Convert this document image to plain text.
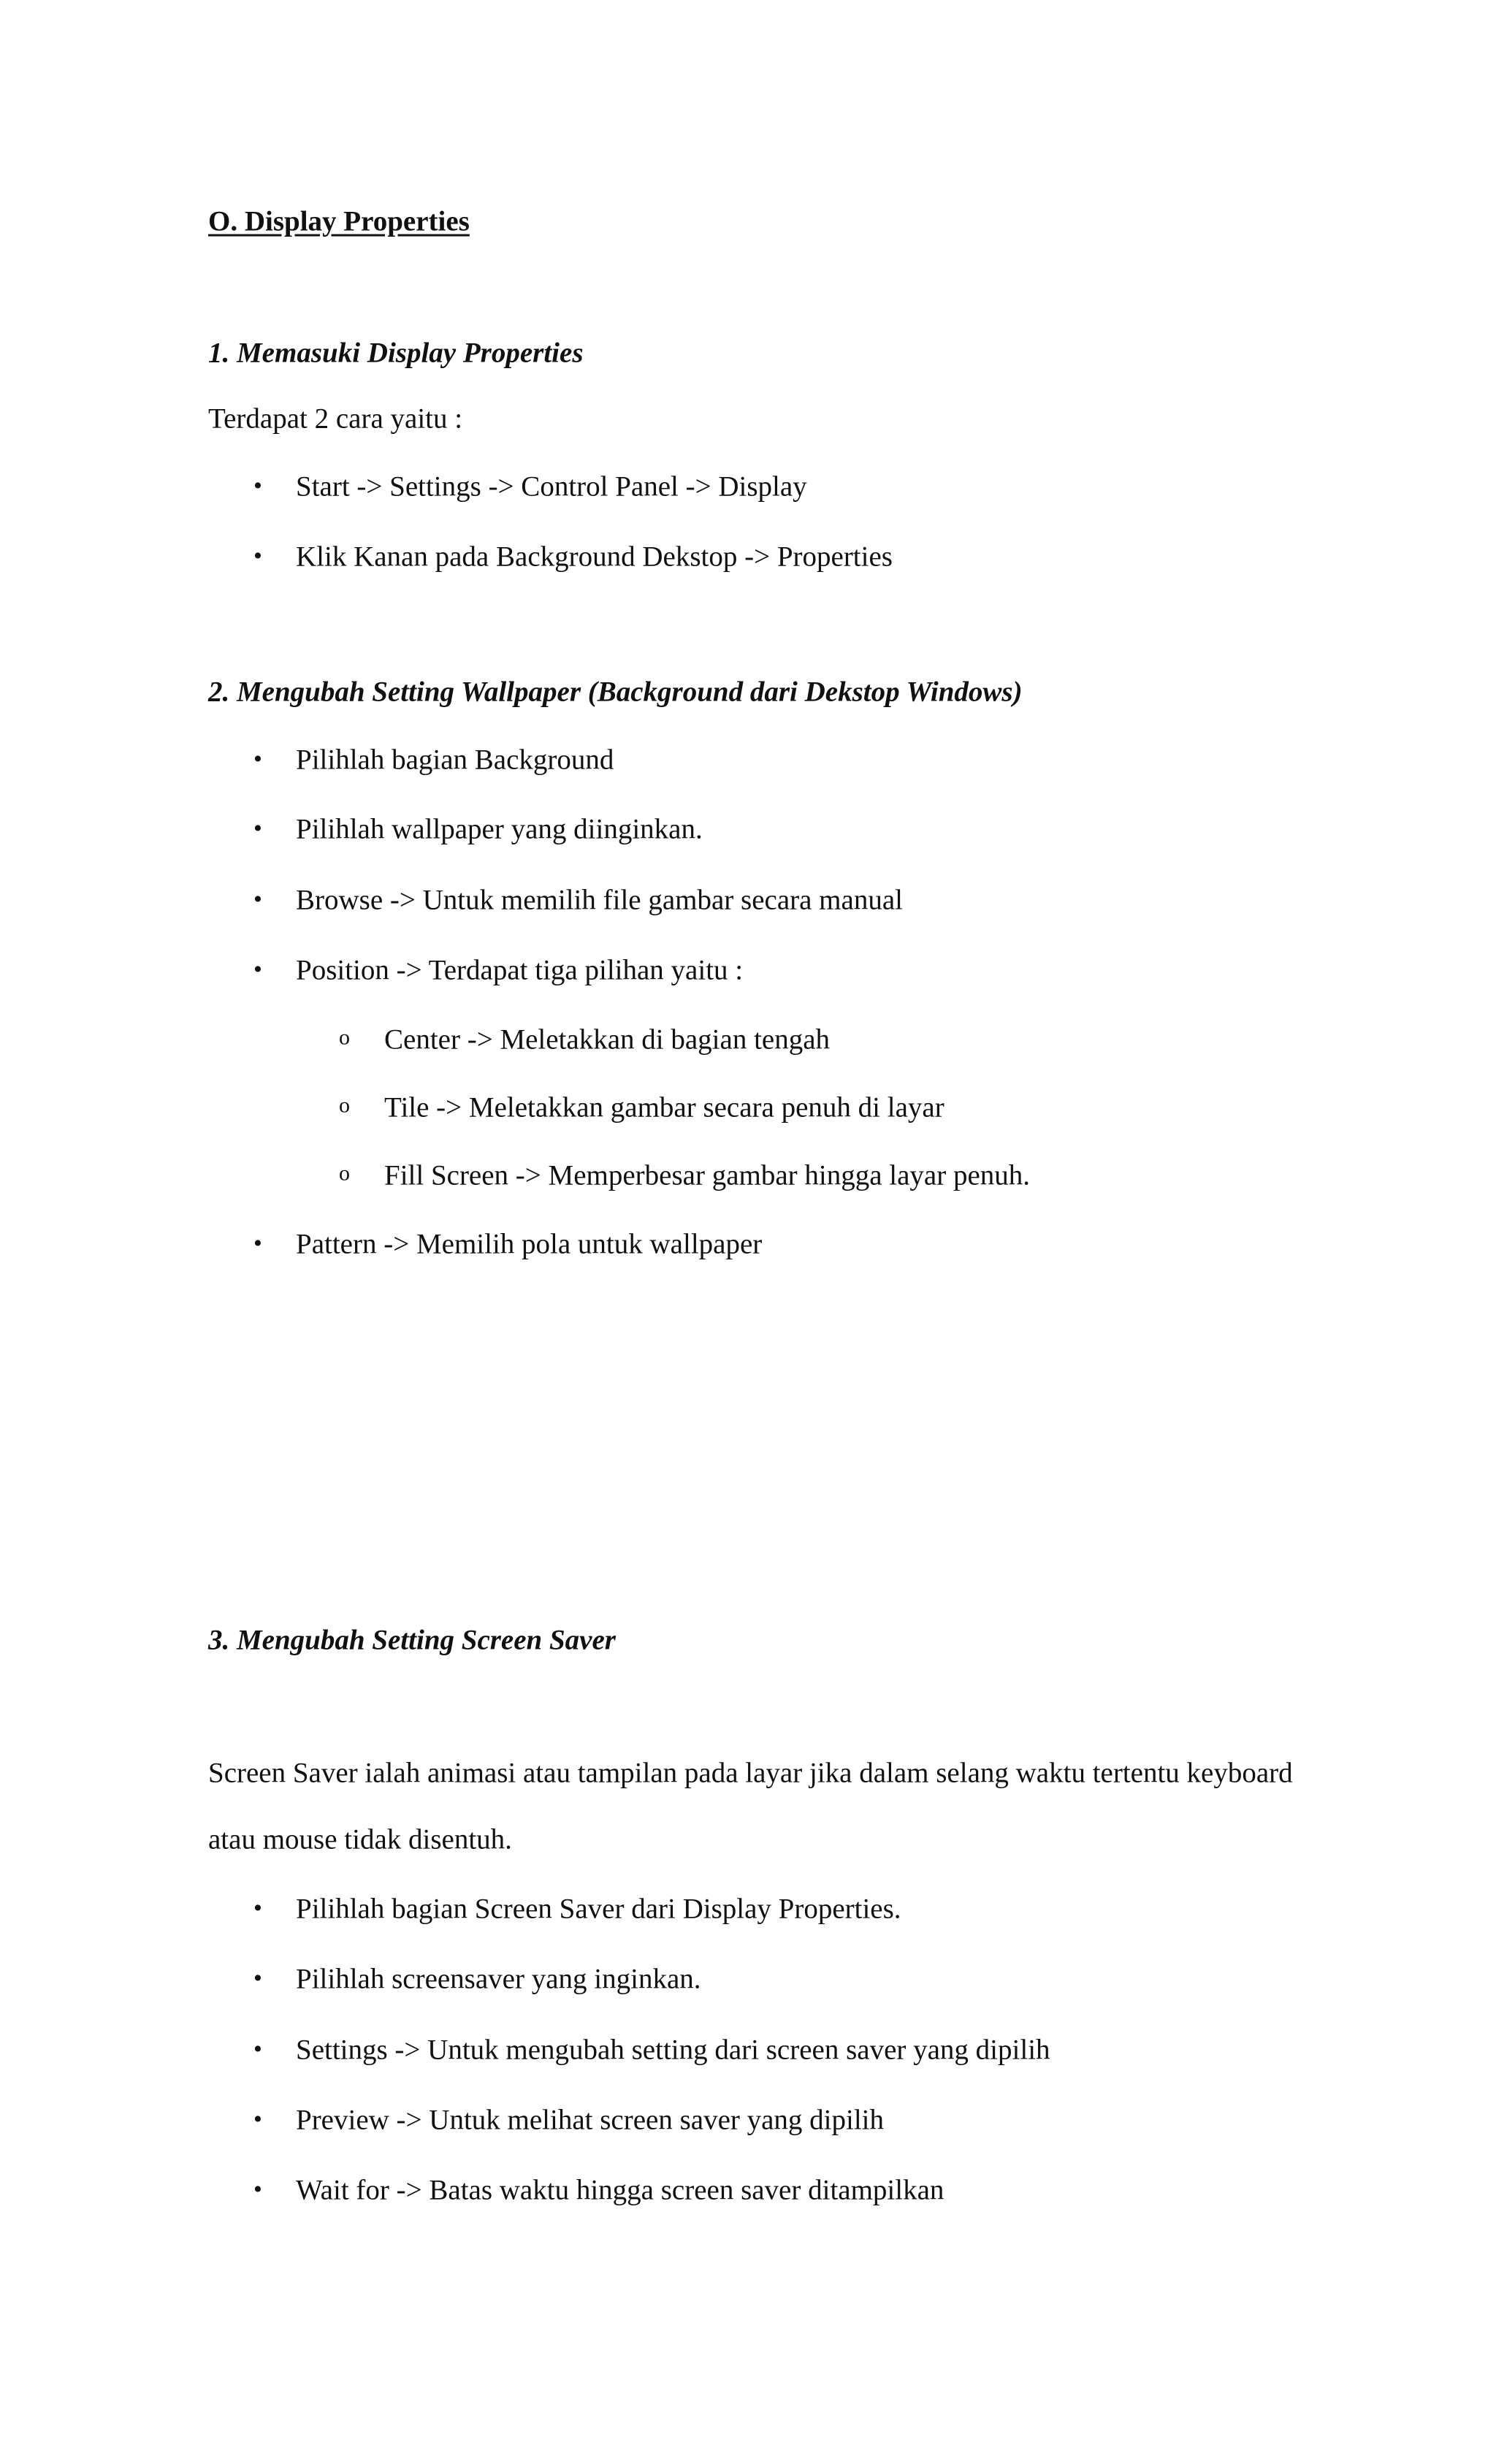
O. Display Properties
1. Memasuki Display Properties
Terdapat 2 cara yaitu :
• Start -> Settings -> Control Panel -> Display
• Klik Kanan pada Background Dekstop -> Properties
2. Mengubah Setting Wallpaper (Background dari Dekstop Windows)
• Pilihlah bagian Background
• Pilihlah wallpaper yang diinginkan.
• Browse -> Untuk memilih file gambar secara manual
• Position -> Terdapat tiga pilihan yaitu :
o Center -> Meletakkan di bagian tengah
o Tile -> Meletakkan gambar secara penuh di layar
o Fill Screen -> Memperbesar gambar hingga layar penuh.
• Pattern -> Memilih pola untuk wallpaper
3. Mengubah Setting Screen Saver
Screen Saver ialah animasi atau tampilan pada layar jika dalam selang waktu tertentu keyboard
atau mouse tidak disentuh.
• Pilihlah bagian Screen Saver dari Display Properties.
• Pilihlah screensaver yang inginkan.
• Settings -> Untuk mengubah setting dari screen saver yang dipilih
• Preview -> Untuk melihat screen saver yang dipilih
• Wait for -> Batas waktu hingga screen saver ditampilkan
